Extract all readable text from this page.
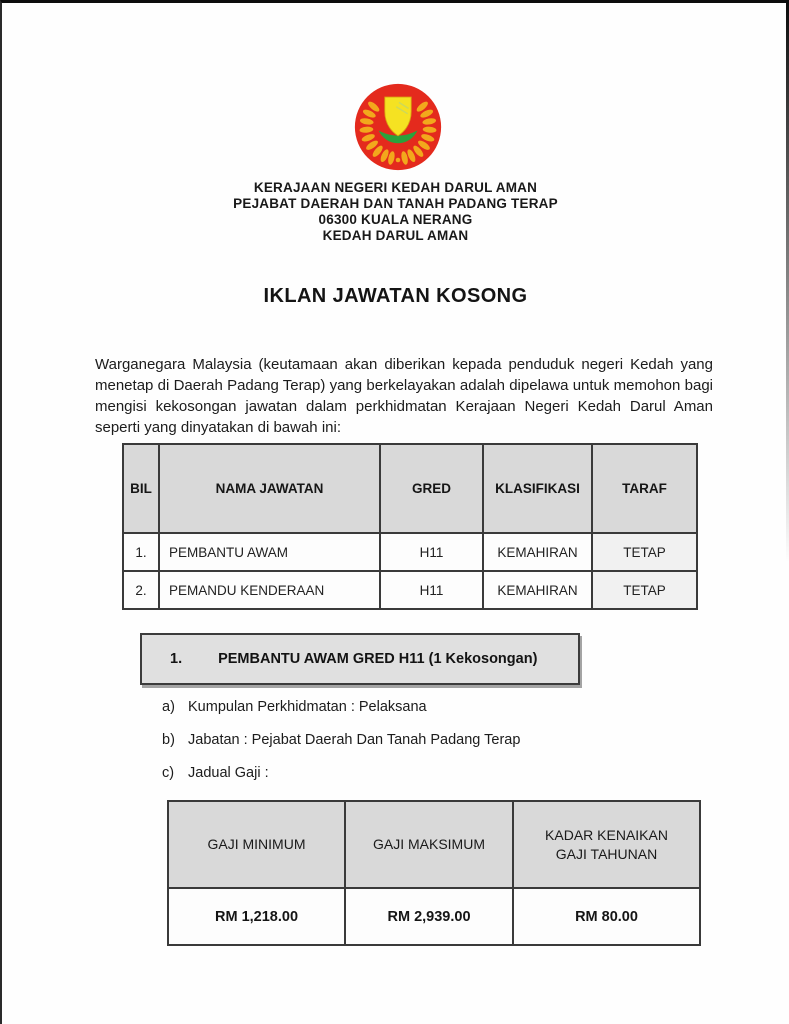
KERAJAAN NEGERI KEDAH DARUL AMAN
PEJABAT DAERAH DAN TANAH PADANG TERAP
06300 KUALA NERANG
KEDAH DARUL AMAN
IKLAN JAWATAN KOSONG

Warganegara Malaysia (keutamaan akan diberikan kepada penduduk negeri Kedah yang menetap di Daerah Padang Terap) yang berkelayakan adalah dipelawa untuk memohon bagi mengisi kekosongan jawatan dalam perkhidmatan Kerajaan Negeri Kedah Darul Aman seperti yang dinyatakan di bawah ini:

BIL	NAMA JAWATAN	GRED	KLASIFIKASI	TARAF
1.	PEMBANTU AWAM	H11	KEMAHIRAN	TETAP
2.	PEMANDU KENDERAAN	H11	KEMAHIRAN	TETAP
1. PEMBANTU AWAM GRED H11 (1 Kekosongan)
a) Kumpulan Perkhidmatan : Pelaksana
b) Jabatan : Pejabat Daerah Dan Tanah Padang Terap
c) Jadual Gaji :
GAJI MINIMUM	GAJI MAKSIMUM	KADAR KENAIKAN GAJI TAHUNAN
RM 1,218.00	RM 2,939.00	RM 80.00
